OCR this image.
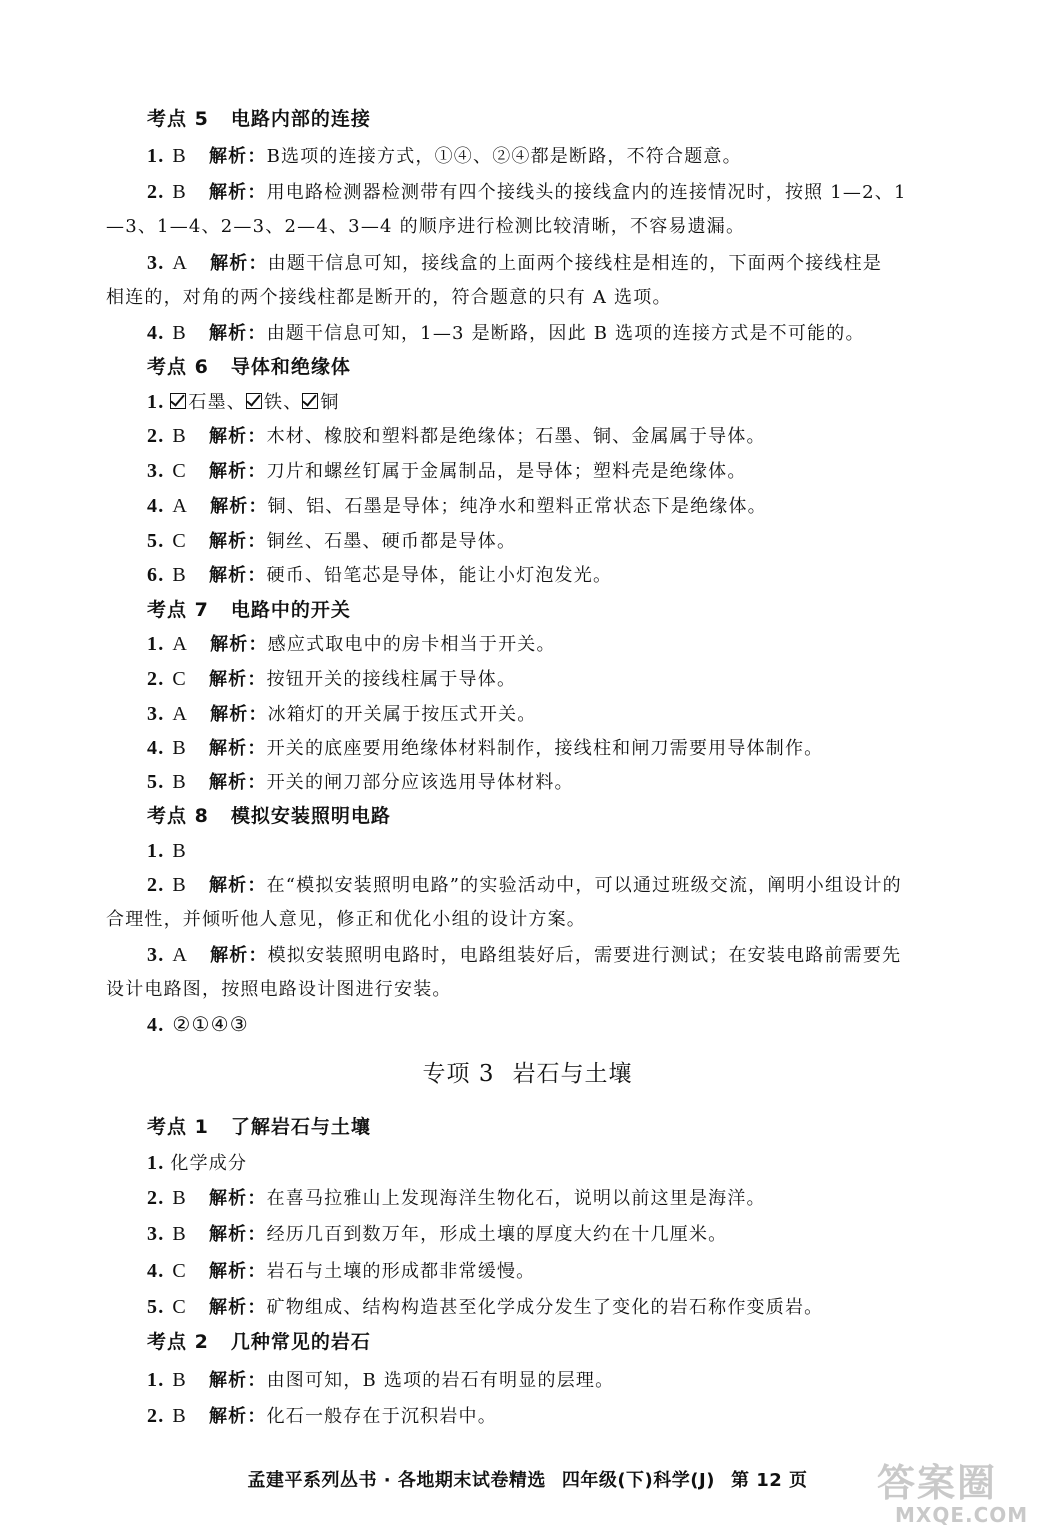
考点 5 电路内部的连接
1. B 解析：B选项的连接方式，①④、②④都是断路，不符合题意。
2. B 解析：用电路检测器检测带有四个接线头的接线盒内的连接情况时，按照 1—2、1
—3、1—4、2—3、2—4、3—4 的顺序进行检测比较清晰，不容易遗漏。
3. A 解析：由题干信息可知，接线盒的上面两个接线柱是相连的，下面两个接线柱是
相连的，对角的两个接线柱都是断开的，符合题意的只有 A 选项。
4. B 解析：由题干信息可知，1—3 是断路，因此 B 选项的连接方式是不可能的。
考点 6 导体和绝缘体
1. 石墨、 铁、 铜
2. B 解析：木材、橡胶和塑料都是绝缘体；石墨、铜、金属属于导体。
3. C 解析：刀片和螺丝钉属于金属制品，是导体；塑料壳是绝缘体。
4. A 解析：铜、铝、石墨是导体；纯净水和塑料正常状态下是绝缘体。
5. C 解析：铜丝、石墨、硬币都是导体。
6. B 解析：硬币、铅笔芯是导体，能让小灯泡发光。
考点 7 电路中的开关
1. A 解析：感应式取电中的房卡相当于开关。
2. C 解析：按钮开关的接线柱属于导体。
3. A 解析：冰箱灯的开关属于按压式开关。
4. B 解析：开关的底座要用绝缘体材料制作，接线柱和闸刀需要用导体制作。
5. B 解析：开关的闸刀部分应该选用导体材料。
考点 8 模拟安装照明电路
1. B
2. B 解析：在“模拟安装照明电路”的实验活动中，可以通过班级交流，阐明小组设计的
合理性，并倾听他人意见，修正和优化小组的设计方案。
3. A 解析：模拟安装照明电路时，电路组装好后，需要进行测试；在安装电路前需要先
设计电路图，按照电路设计图进行安装。
4. ②①④③
专项 3 岩石与土壤
考点 1 了解岩石与土壤
1. 化学成分
2. B 解析：在喜马拉雅山上发现海洋生物化石，说明以前这里是海洋。
3. B 解析：经历几百到数万年，形成土壤的厚度大约在十几厘米。
4. C 解析：岩石与土壤的形成都非常缓慢。
5. C 解析：矿物组成、结构构造甚至化学成分发生了变化的岩石称作变质岩。
考点 2 几种常见的岩石
1. B 解析：由图可知，B 选项的岩石有明显的层理。
2. B 解析：化石一般存在于沉积岩中。
孟建平系列丛书 · 各地期末试卷精选 四年级(下)科学(J) 第 12 页	答案圈
MXQE.COM
